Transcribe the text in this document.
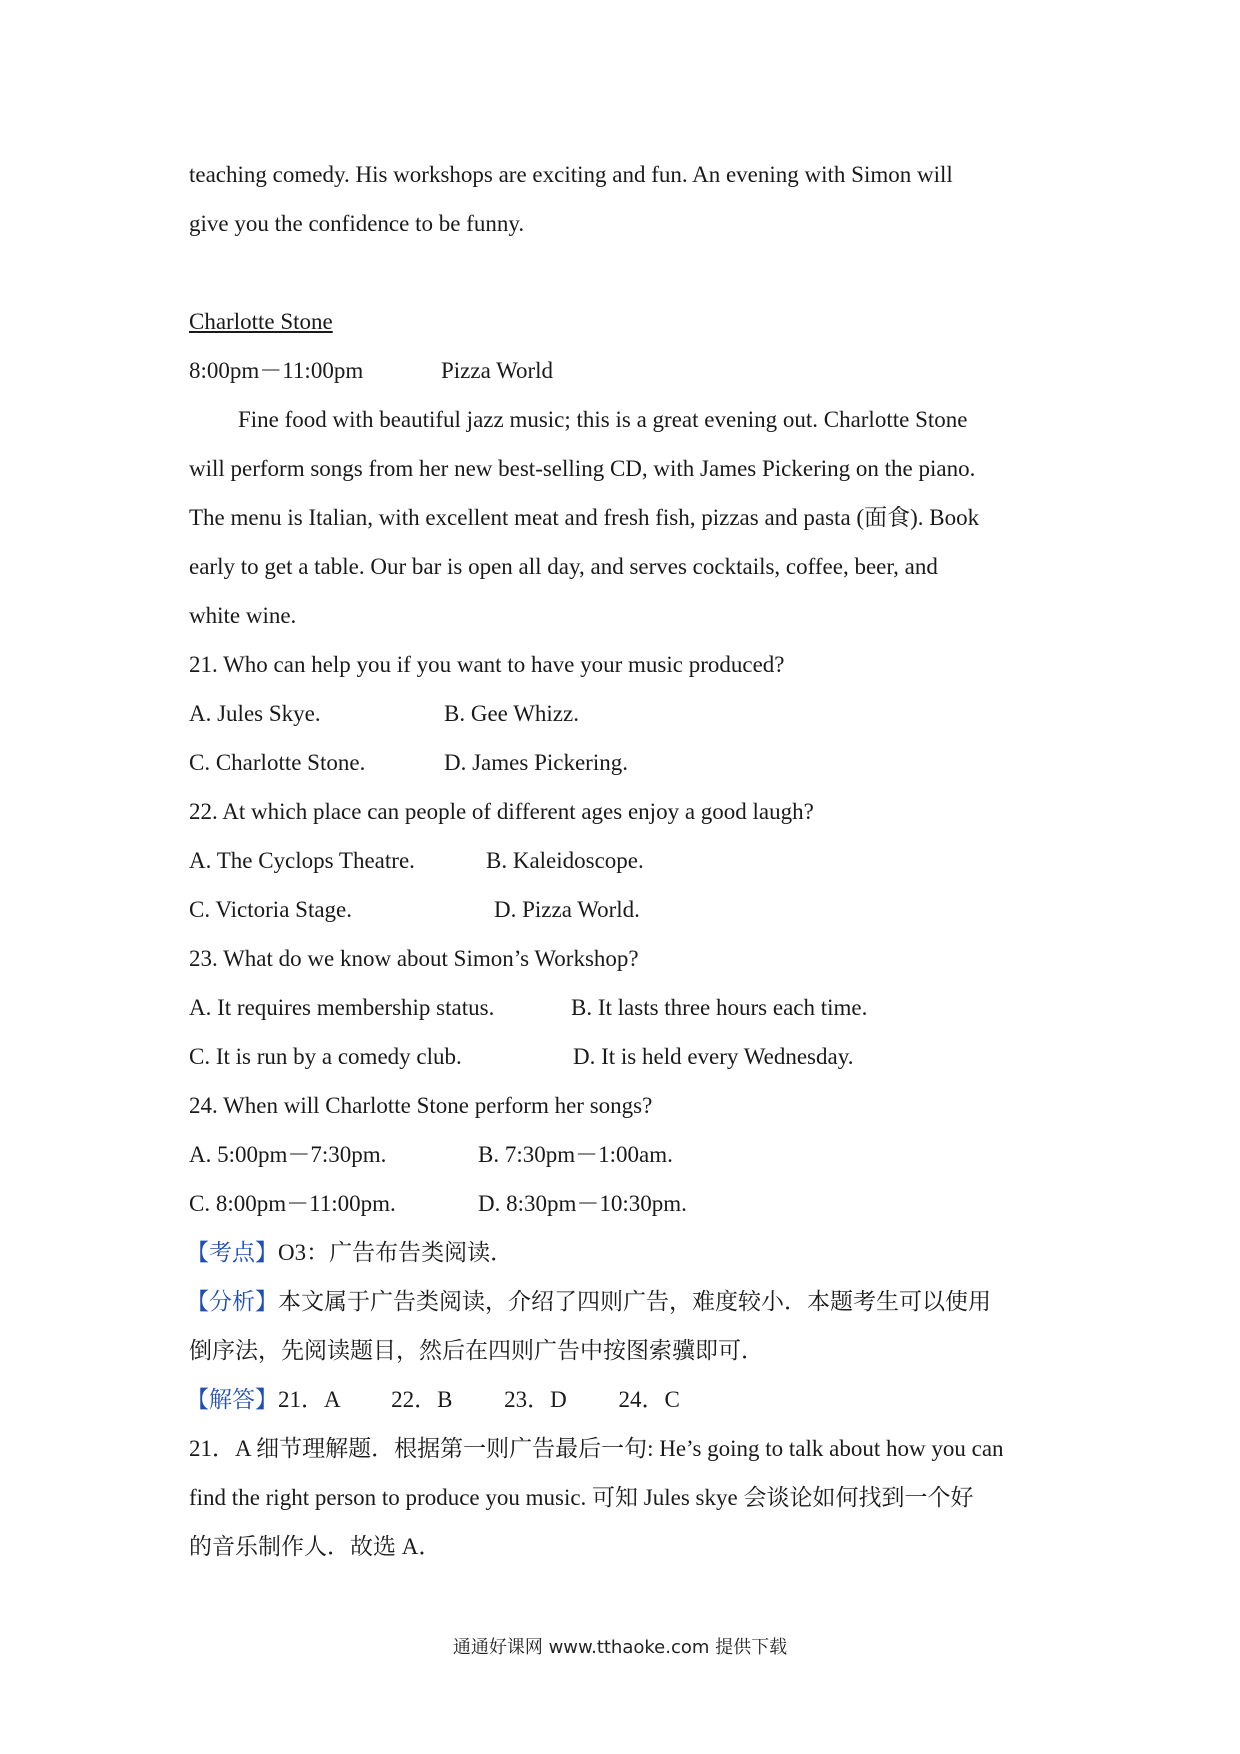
teaching comedy. His workshops are exciting and fun. An evening with Simon will
give you the confidence to be funny.
Charlotte Stone
8:00pm－11:00pm	Pizza World
Fine food with beautiful jazz music; this is a great evening out. Charlotte Stone
will perform songs from her new best-selling CD, with James Pickering on the piano.
The menu is Italian, with excellent meat and fresh fish, pizzas and pasta (面食). Book
early to get a table. Our bar is open all day, and serves cocktails, coffee, beer, and
white wine.
21. Who can help you if you want to have your music produced?
A. Jules Skye.	B. Gee Whizz.
C. Charlotte Stone.	D. James Pickering.
22. At which place can people of different ages enjoy a good laugh?
A. The Cyclops Theatre.	B. Kaleidoscope.
C. Victoria Stage.	D. Pizza World.
23. What do we know about Simon’s Workshop?
A. It requires membership status.	B. It lasts three hours each time.
C. It is run by a comedy club.	D. It is held every Wednesday.
24. When will Charlotte Stone perform her songs?
A. 5:00pm－7:30pm.	B. 7:30pm－1:00am.
C. 8:00pm－11:00pm.	D. 8:30pm－10:30pm.
【考点】O3：广告布告类阅读．
【分析】本文属于广告类阅读，介绍了四则广告，难度较小．本题考生可以使用
倒序法，先阅读题目，然后在四则广告中按图索骥即可．
【解答】21．A　　 22．B　　 23．D　　 24．C
21．A 细节理解题．根据第一则广告最后一句: He’s going to talk about how you can
find the right person to produce you music. 可知 Jules skye 会谈论如何找到一个好
的音乐制作人．故选 A．
通通好课网 www.tthaoke.com 提供下载
